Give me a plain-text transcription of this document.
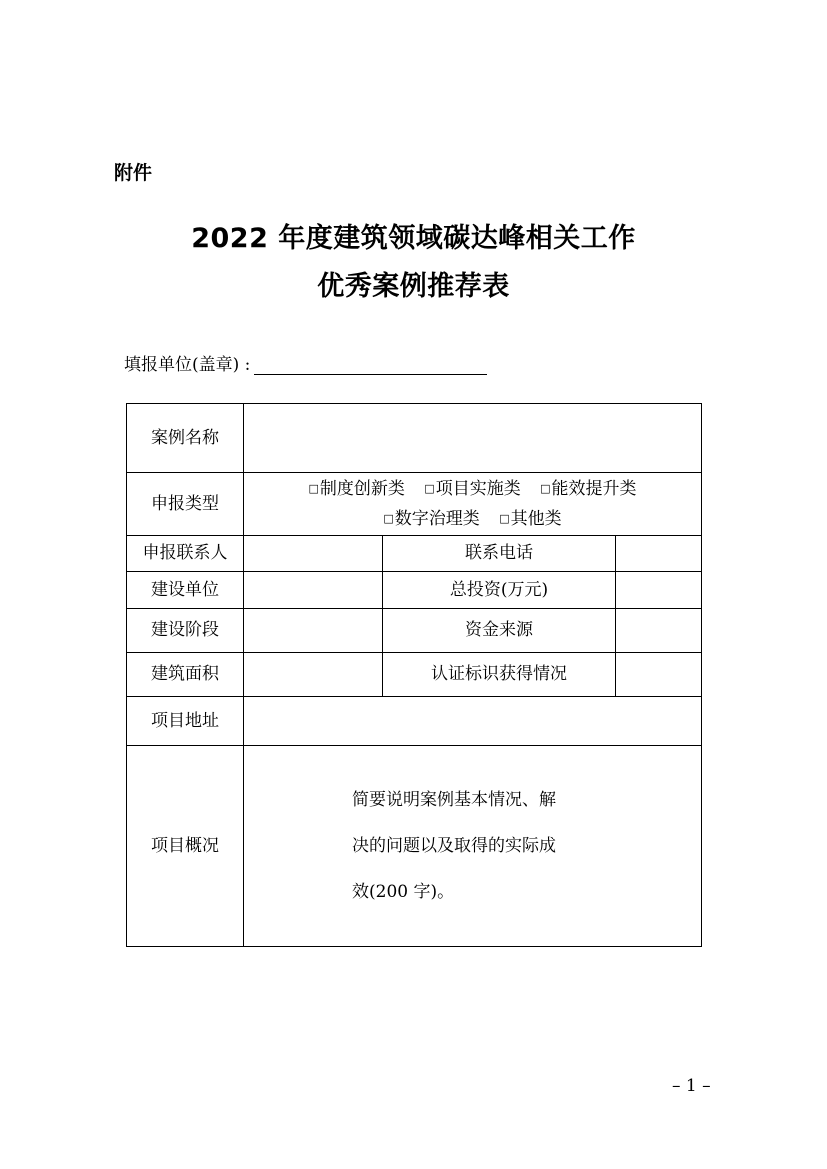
附件
2022 年度建筑领域碳达峰相关工作
优秀案例推荐表
填报单位(盖章) :
案例名称			
申报类型	□制度创新类 □项目实施类 □能效提升类
□数字治理类 □其他类		
申报联系人		联系电话	
建设单位		总投资(万元)	
建设阶段		资金来源	
建筑面积		认证标识获得情况	
项目地址			
项目概况	简要说明案例基本情况、解
决的问题以及取得的实际成
效(200 字)。		
– 1 –
